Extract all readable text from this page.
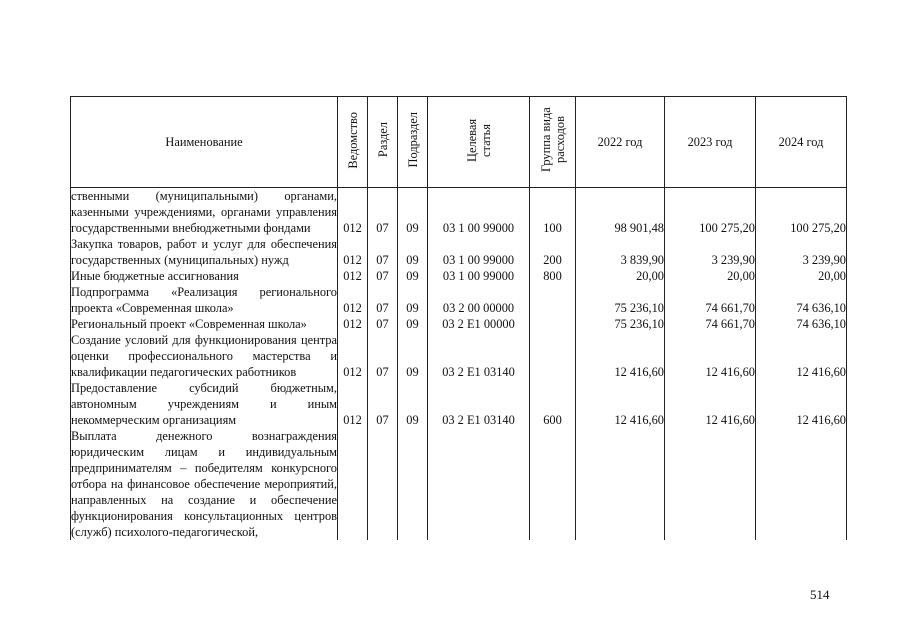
Наименование	Ведомство	Раздел	Подраздел	Целевая статья	Группа вида расходов	2022 год	2023 год	2024 год
ственными (муниципальными) органами, казенными учреждениями, органами управления государственными внебюджетными фондами	012	07	09	03 1 00 99000	100	98 901,48	100 275,20	100 275,20
Закупка товаров, работ и услуг для обеспечения государственных (муниципальных) нужд	012	07	09	03 1 00 99000	200	3 839,90	3 239,90	3 239,90
Иные бюджетные ассигнования	012	07	09	03 1 00 99000	800	20,00	20,00	20,00
Подпрограмма «Реализация регионального проекта «Современная школа»	012	07	09	03 2 00 00000		75 236,10	74 661,70	74 636,10
Региональный проект «Современная школа»	012	07	09	03 2 E1 00000		75 236,10	74 661,70	74 636,10
Создание условий для функционирования центра оценки профессионального мастерства и квалификации педагогических работников	012	07	09	03 2 E1 03140		12 416,60	12 416,60	12 416,60
Предоставление субсидий бюджетным, автономным учреждениям и иным некоммерческим организациям	012	07	09	03 2 E1 03140	600	12 416,60	12 416,60	12 416,60
Выплата денежного вознаграждения юридическим лицам и индивидуальным предпринимателям – победителям конкурсного отбора на финансовое обеспечение мероприятий, направленных на создание и обеспечение функционирования консультационных центров (служб) психолого-педагогической,								
514
